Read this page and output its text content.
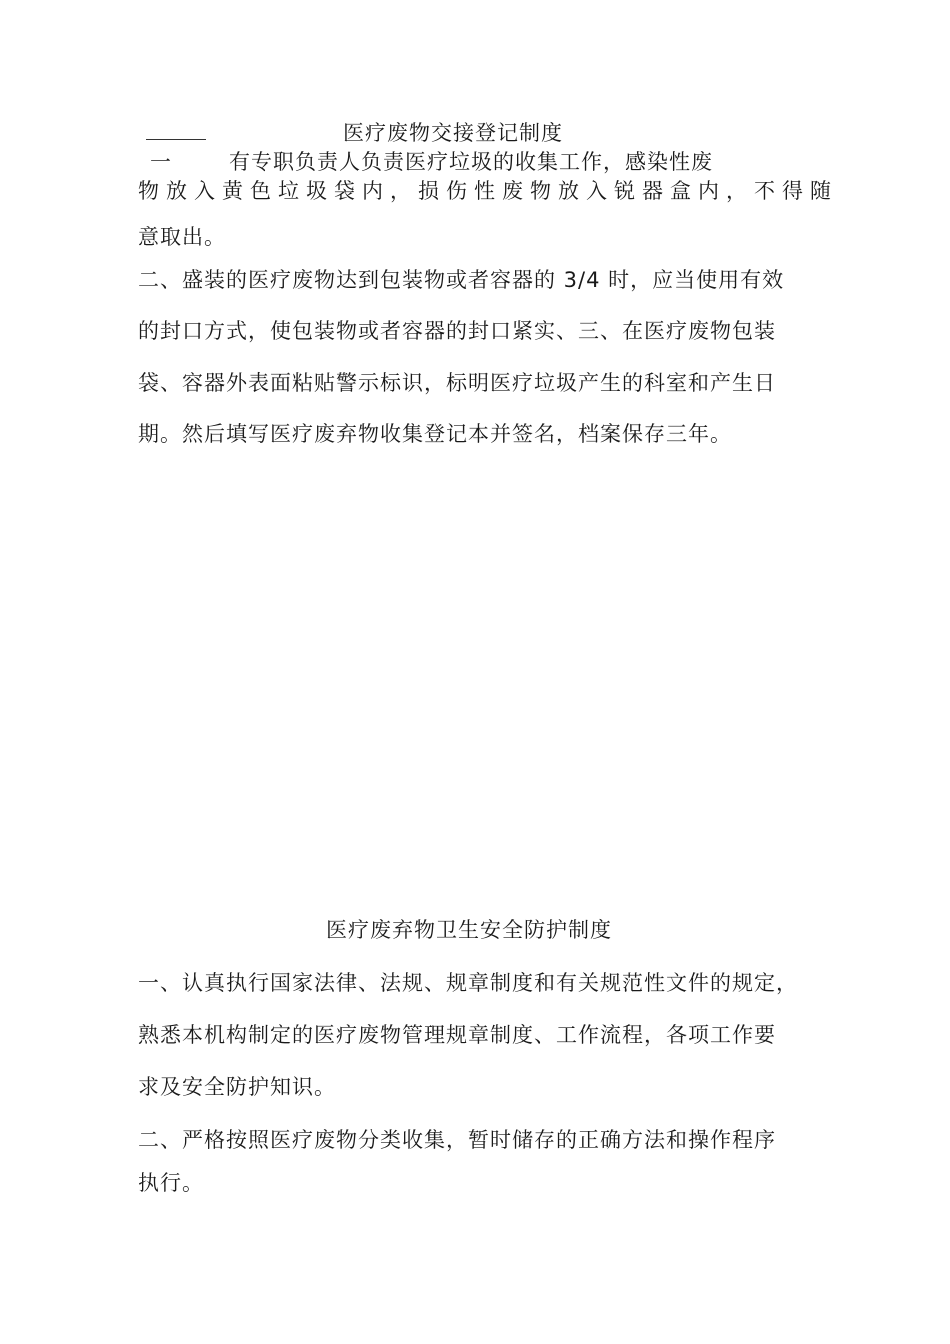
医疗废物交接登记制度
一	有专职负责人负责医疗垃圾的收集工作，感染性废
物放入黄色垃圾袋内，损伤性废物放入锐器盒内，不得随
意取出。
二、盛装的医疗废物达到包装物或者容器的 3/4 时，应当使用有效
的封口方式，使包装物或者容器的封口紧实、三、在医疗废物包装
袋、容器外表面粘贴警示标识，标明医疗垃圾产生的科室和产生日
期。然后填写医疗废弃物收集登记本并签名，档案保存三年。
医疗废弃物卫生安全防护制度
一、认真执行国家法律、法规、规章制度和有关规范性文件的规定，
熟悉本机构制定的医疗废物管理规章制度、工作流程，各项工作要
求及安全防护知识。
二、严格按照医疗废物分类收集，暂时储存的正确方法和操作程序
执行。
